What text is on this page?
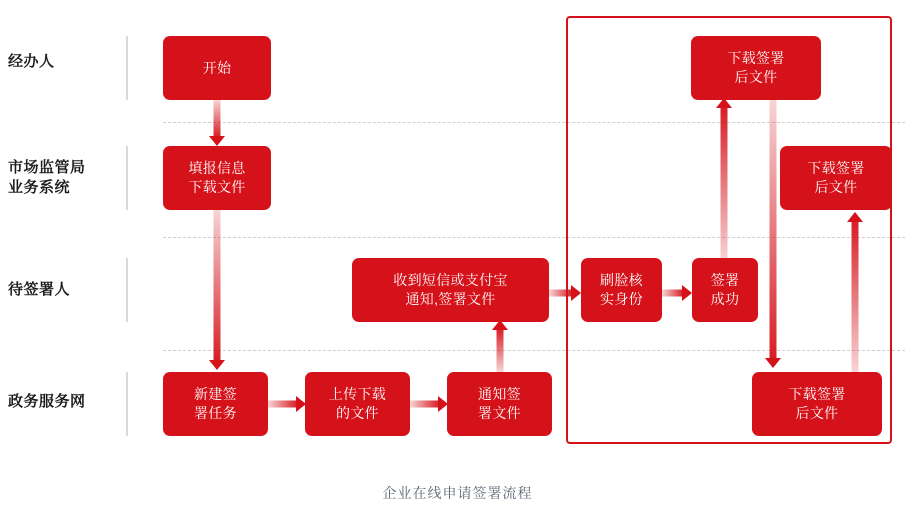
经办人
市场监管局
业务系统
待签署人
政务服务网
开始
下载签署
后文件
填报信息
下载文件
下载签署
后文件
收到短信或支付宝
通知,签署文件
刷脸核
实身份
签署
成功
新建签
署任务
上传下载
的文件
通知签
署文件
下载签署
后文件
企业在线申请签署流程
